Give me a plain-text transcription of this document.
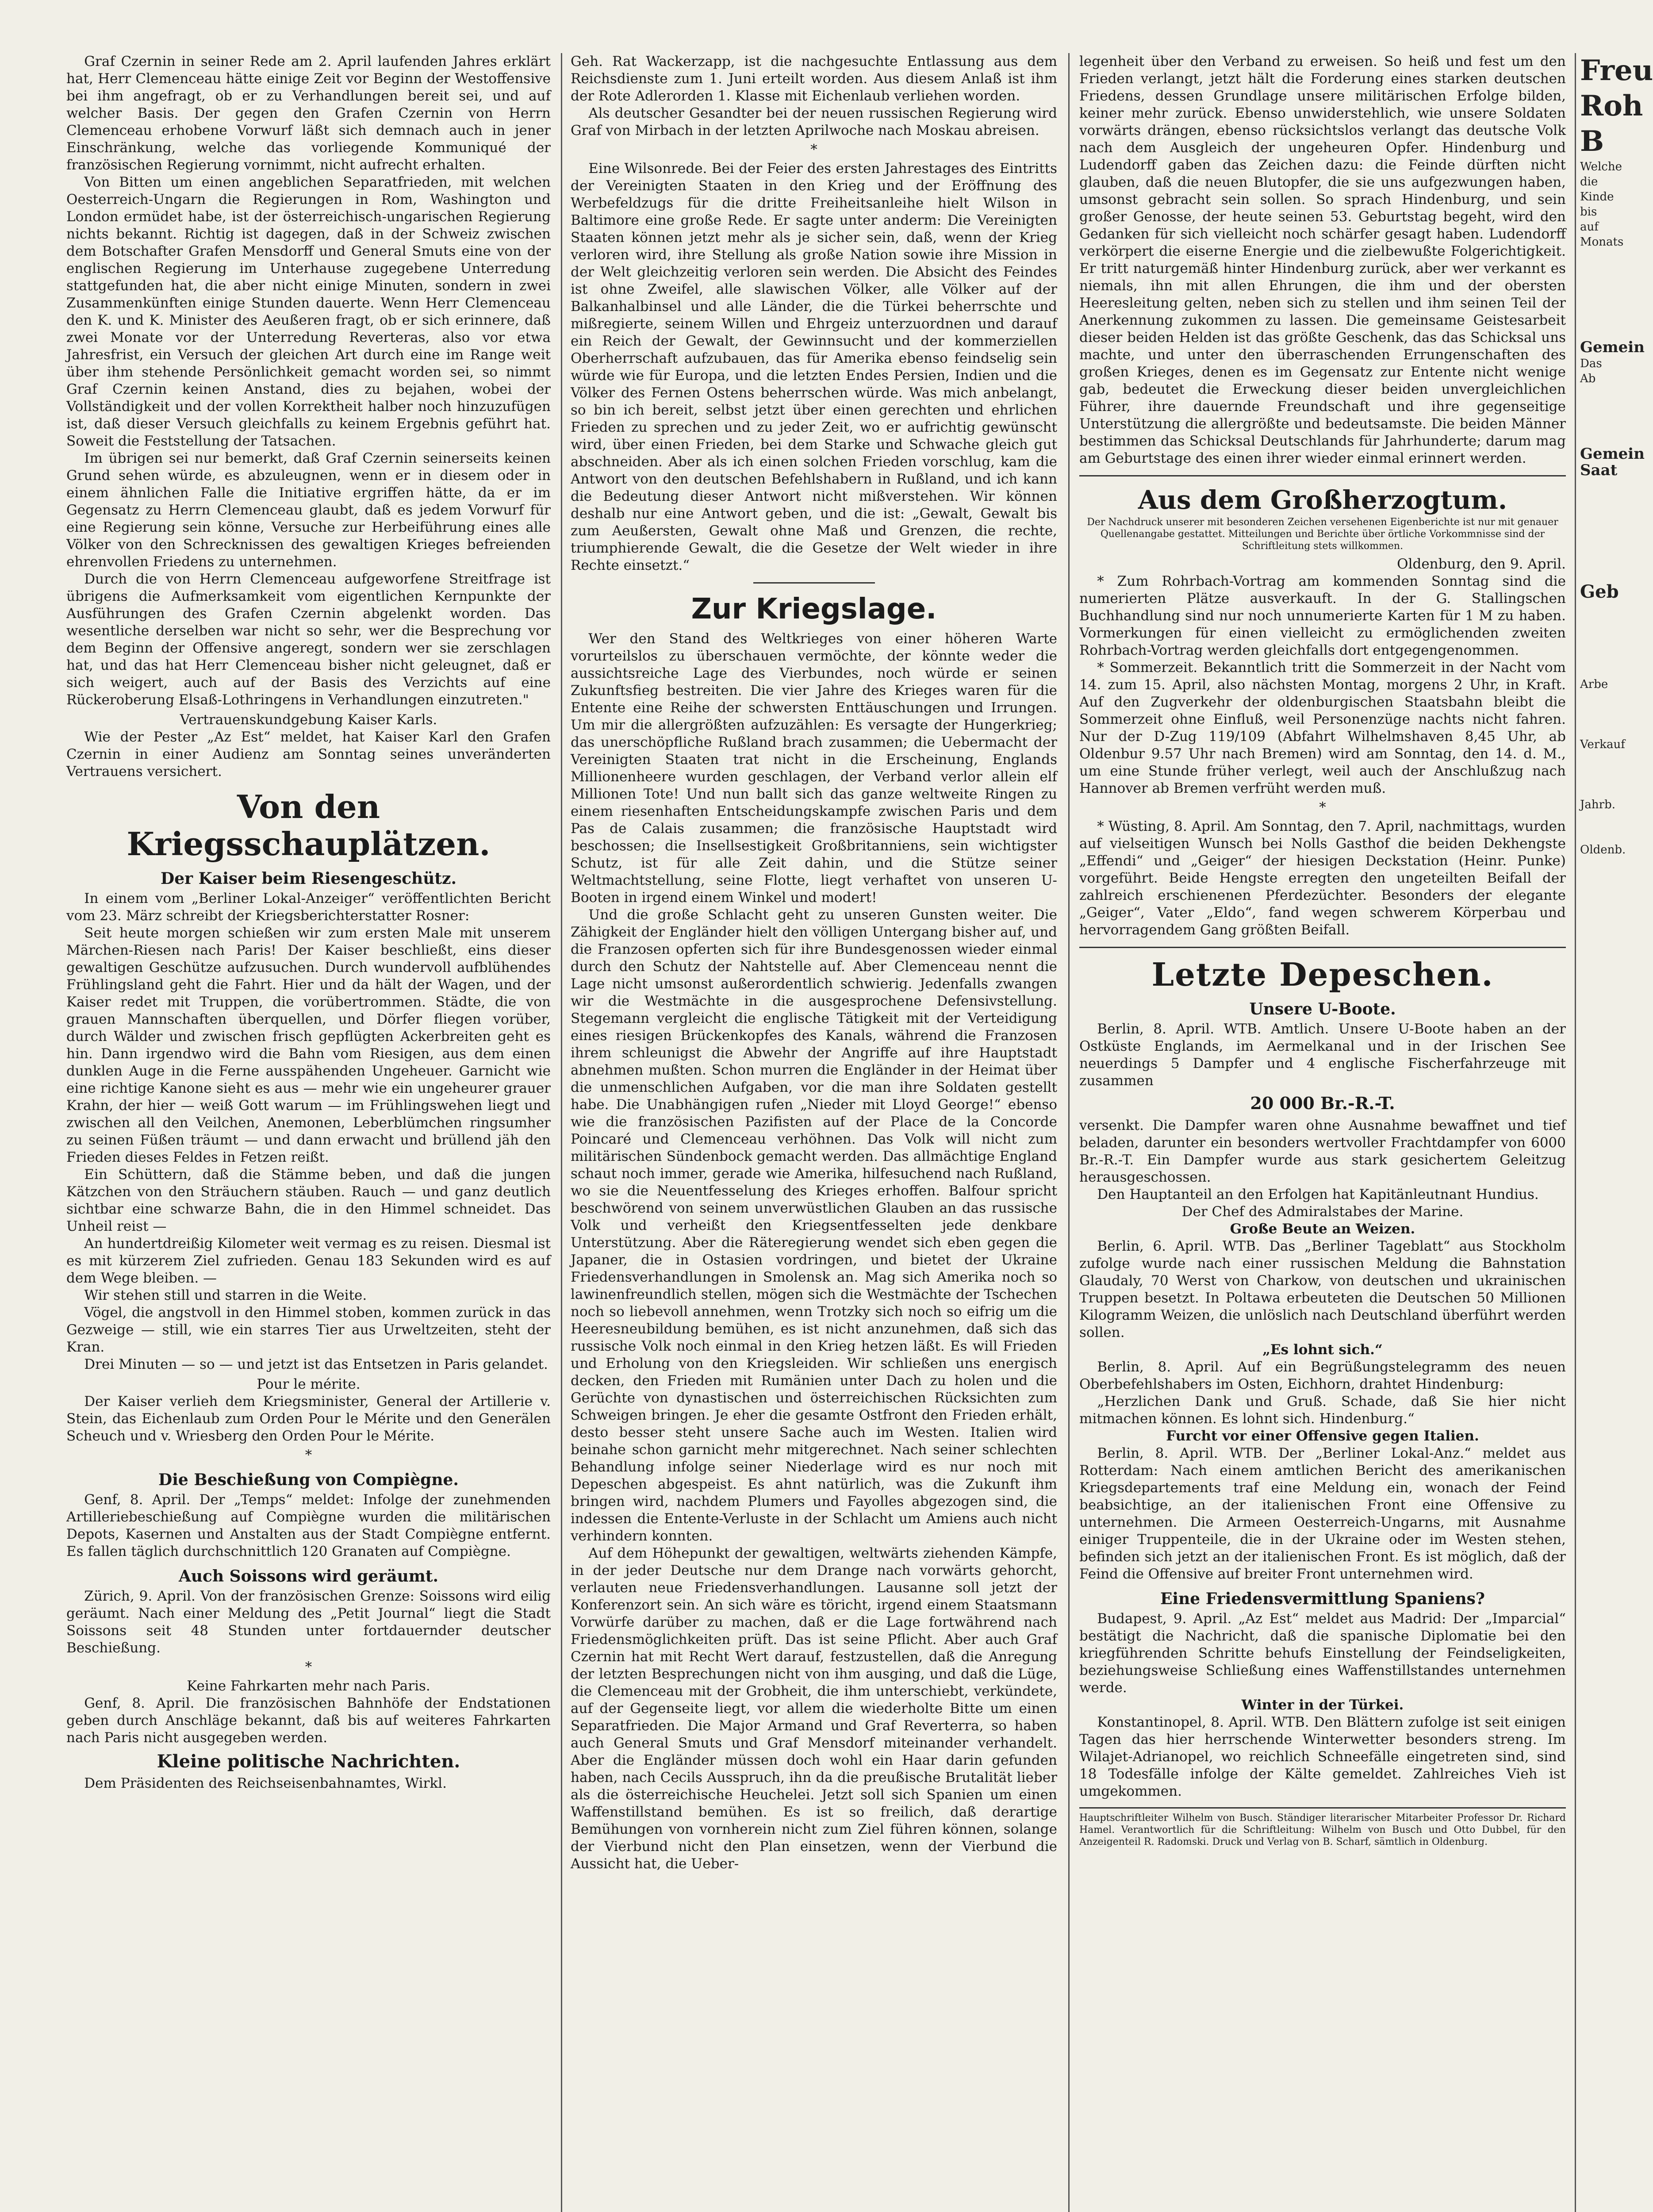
Graf Czernin in seiner Rede am 2. April laufenden Jahres erklärt hat, Herr Clemenceau hätte einige Zeit vor Beginn der Westoffensive bei ihm angefragt, ob er zu Verhandlungen bereit sei, und auf welcher Basis. Der gegen den Grafen Czernin von Herrn Clemenceau erhobene Vorwurf läßt sich demnach auch in jener Einschränkung, welche das vorliegende Kommuniqué der französischen Regierung vornimmt, nicht aufrecht erhalten.

Von Bitten um einen angeblichen Separatfrieden, mit welchen Oesterreich-Ungarn die Regierungen in Rom, Washington und London ermüdet habe, ist der österreichisch-ungarischen Regierung nichts bekannt. Richtig ist dagegen, daß in der Schweiz zwischen dem Botschafter Grafen Mensdorff und General Smuts eine von der englischen Regierung im Unterhause zugegebene Unterredung stattgefunden hat, die aber nicht einige Minuten, sondern in zwei Zusammenkünften einige Stunden dauerte. Wenn Herr Clemenceau den K. und K. Minister des Aeußeren fragt, ob er sich erinnere, daß zwei Monate vor der Unterredung Reverteras, also vor etwa Jahresfrist, ein Versuch der gleichen Art durch eine im Range weit über ihm stehende Persönlichkeit gemacht worden sei, so nimmt Graf Czernin keinen Anstand, dies zu bejahen, wobei der Vollständigkeit und der vollen Korrektheit halber noch hinzuzufügen ist, daß dieser Versuch gleichfalls zu keinem Ergebnis geführt hat. Soweit die Feststellung der Tatsachen.

Im übrigen sei nur bemerkt, daß Graf Czernin seinerseits keinen Grund sehen würde, es abzuleugnen, wenn er in diesem oder in einem ähnlichen Falle die Initiative ergriffen hätte, da er im Gegensatz zu Herrn Clemenceau glaubt, daß es jedem Vorwurf für eine Regierung sein könne, Versuche zur Herbeiführung eines alle Völker von den Schrecknissen des gewaltigen Krieges befreienden ehrenvollen Friedens zu unternehmen.

Durch die von Herrn Clemenceau aufgeworfene Streitfrage ist übrigens die Aufmerksamkeit vom eigentlichen Kernpunkte der Ausführungen des Grafen Czernin abgelenkt worden. Das wesentliche derselben war nicht so sehr, wer die Besprechung vor dem Beginn der Offensive angeregt, sondern wer sie zerschlagen hat, und das hat Herr Clemenceau bisher nicht geleugnet, daß er sich weigert, auch auf der Basis des Verzichts auf eine Rückeroberung Elsaß-Lothringens in Verhandlungen einzutreten."

Vertrauenskundgebung Kaiser Karls.

Wie der Pester „Az Est“ meldet, hat Kaiser Karl den Grafen Czernin in einer Audienz am Sonntag seines unveränderten Vertrauens versichert.

Von den Kriegsschauplätzen.
Der Kaiser beim Riesengeschütz.

In einem vom „Berliner Lokal-Anzeiger“ veröffentlichten Bericht vom 23. März schreibt der Kriegsberichterstatter Rosner:

Seit heute morgen schießen wir zum ersten Male mit unserem Märchen-Riesen nach Paris! Der Kaiser beschließt, eins dieser gewaltigen Geschütze aufzusuchen. Durch wundervoll aufblühendes Frühlingsland geht die Fahrt. Hier und da hält der Wagen, und der Kaiser redet mit Truppen, die vorübertrommen. Städte, die von grauen Mannschaften überquellen, und Dörfer fliegen vorüber, durch Wälder und zwischen frisch gepflügten Ackerbreiten geht es hin. Dann irgendwo wird die Bahn vom Riesigen, aus dem einen dunklen Auge in die Ferne ausspähenden Ungeheuer. Garnicht wie eine richtige Kanone sieht es aus — mehr wie ein ungeheurer grauer Krahn, der hier — weiß Gott warum — im Frühlingswehen liegt und zwischen all den Veilchen, Anemonen, Leberblümchen ringsumher zu seinen Füßen träumt — und dann erwacht und brüllend jäh den Frieden dieses Feldes in Fetzen reißt.

Ein Schüttern, daß die Stämme beben, und daß die jungen Kätzchen von den Sträuchern stäuben. Rauch — und ganz deutlich sichtbar eine schwarze Bahn, die in den Himmel schneidet. Das Unheil reist —

An hundertdreißig Kilometer weit vermag es zu reisen. Diesmal ist es mit kürzerem Ziel zufrieden. Genau 183 Sekunden wird es auf dem Wege bleiben. —

Wir stehen still und starren in die Weite.

Vögel, die angstvoll in den Himmel stoben, kommen zurück in das Gezweige — still, wie ein starres Tier aus Urweltzeiten, steht der Kran.

Drei Minuten — so — und jetzt ist das Entsetzen in Paris gelandet.

Pour le mérite.

Der Kaiser verlieh dem Kriegsminister, General der Artillerie v. Stein, das Eichenlaub zum Orden Pour le Mérite und den Generälen Scheuch und v. Wriesberg den Orden Pour le Mérite.

*

Die Beschießung von Compiègne.

Genf, 8. April. Der „Temps“ meldet: Infolge der zunehmenden Artilleriebeschießung auf Compiègne wurden die militärischen Depots, Kasernen und Anstalten aus der Stadt Compiègne entfernt. Es fallen täglich durchschnittlich 120 Granaten auf Compiègne.

Auch Soissons wird geräumt.

Zürich, 9. April. Von der französischen Grenze: Soissons wird eilig geräumt. Nach einer Meldung des „Petit Journal“ liegt die Stadt Soissons seit 48 Stunden unter fortdauernder deutscher Beschießung.

*

Keine Fahrkarten mehr nach Paris.

Genf, 8. April. Die französischen Bahnhöfe der Endstationen geben durch Anschläge bekannt, daß bis auf weiteres Fahrkarten nach Paris nicht ausgegeben werden.

Kleine politische Nachrichten.

Dem Präsidenten des Reichseisenbahnamtes, Wirkl.

Geh. Rat Wackerzapp, ist die nachgesuchte Entlassung aus dem Reichsdienste zum 1. Juni erteilt worden. Aus diesem Anlaß ist ihm der Rote Adlerorden 1. Klasse mit Eichenlaub verliehen worden.

Als deutscher Gesandter bei der neuen russischen Regierung wird Graf von Mirbach in der letzten Aprilwoche nach Moskau abreisen.

*

Eine Wilsonrede. Bei der Feier des ersten Jahrestages des Eintritts der Vereinigten Staaten in den Krieg und der Eröffnung des Werbefeldzugs für die dritte Freiheitsanleihe hielt Wilson in Baltimore eine große Rede. Er sagte unter anderm: Die Vereinigten Staaten können jetzt mehr als je sicher sein, daß, wenn der Krieg verloren wird, ihre Stellung als große Nation sowie ihre Mission in der Welt gleichzeitig verloren sein werden. Die Absicht des Feindes ist ohne Zweifel, alle slawischen Völker, alle Völker auf der Balkanhalbinsel und alle Länder, die die Türkei beherrschte und mißregierte, seinem Willen und Ehrgeiz unterzuordnen und darauf ein Reich der Gewalt, der Gewinnsucht und der kommerziellen Oberherrschaft aufzubauen, das für Amerika ebenso feindselig sein würde wie für Europa, und die letzten Endes Persien, Indien und die Völker des Fernen Ostens beherrschen würde. Was mich anbelangt, so bin ich bereit, selbst jetzt über einen gerechten und ehrlichen Frieden zu sprechen und zu jeder Zeit, wo er aufrichtig gewünscht wird, über einen Frieden, bei dem Starke und Schwache gleich gut abschneiden. Aber als ich einen solchen Frieden vorschlug, kam die Antwort von den deutschen Befehlshabern in Rußland, und ich kann die Bedeutung dieser Antwort nicht mißverstehen. Wir können deshalb nur eine Antwort geben, und die ist: „Gewalt, Gewalt bis zum Aeußersten, Gewalt ohne Maß und Grenzen, die rechte, triumphierende Gewalt, die die Gesetze der Welt wieder in ihre Rechte einsetzt.“

Zur Kriegslage.

Wer den Stand des Weltkrieges von einer höheren Warte vorurteilslos zu überschauen vermöchte, der könnte weder die aussichtsreiche Lage des Vierbundes, noch würde er seinen Zukunftsfieg bestreiten. Die vier Jahre des Krieges waren für die Entente eine Reihe der schwersten Enttäuschungen und Irrungen. Um mir die allergrößten aufzuzählen: Es versagte der Hungerkrieg; das unerschöpfliche Rußland brach zusammen; die Uebermacht der Vereinigten Staaten trat nicht in die Erscheinung, Englands Millionenheere wurden geschlagen, der Verband verlor allein elf Millionen Tote! Und nun ballt sich das ganze weltweite Ringen zu einem riesenhaften Entscheidungskampfe zwischen Paris und dem Pas de Calais zusammen; die französische Hauptstadt wird beschossen; die Insellsestigkeit Großbritanniens, sein wichtigster Schutz, ist für alle Zeit dahin, und die Stütze seiner Weltmachtstellung, seine Flotte, liegt verhaftet von unseren U-Booten in irgend einem Winkel und modert!

Und die große Schlacht geht zu unseren Gunsten weiter. Die Zähigkeit der Engländer hielt den völligen Untergang bisher auf, und die Franzosen opferten sich für ihre Bundesgenossen wieder einmal durch den Schutz der Nahtstelle auf. Aber Clemenceau nennt die Lage nicht umsonst außerordentlich schwierig. Jedenfalls zwangen wir die Westmächte in die ausgesprochene Defensivstellung. Stegemann vergleicht die englische Tätigkeit mit der Verteidigung eines riesigen Brückenkopfes des Kanals, während die Franzosen ihrem schleunigst die Abwehr der Angriffe auf ihre Hauptstadt abnehmen mußten. Schon murren die Engländer in der Heimat über die unmenschlichen Aufgaben, vor die man ihre Soldaten gestellt habe. Die Unabhängigen rufen „Nieder mit Lloyd George!“ ebenso wie die französischen Pazifisten auf der Place de la Concorde Poincaré und Clemenceau verhöhnen. Das Volk will nicht zum militärischen Sündenbock gemacht werden. Das allmächtige England schaut noch immer, gerade wie Amerika, hilfesuchend nach Rußland, wo sie die Neuentfesselung des Krieges erhoffen. Balfour spricht beschwörend von seinem unverwüstlichen Glauben an das russische Volk und verheißt den Kriegsentfesselten jede denkbare Unterstützung. Aber die Räteregierung wendet sich eben gegen die Japaner, die in Ostasien vordringen, und bietet der Ukraine Friedensverhandlungen in Smolensk an. Mag sich Amerika noch so lawinenfreundlich stellen, mögen sich die Westmächte der Tschechen noch so liebevoll annehmen, wenn Trotzky sich noch so eifrig um die Heeresneubildung bemühen, es ist nicht anzunehmen, daß sich das russische Volk noch einmal in den Krieg hetzen läßt. Es will Frieden und Erholung von den Kriegsleiden. Wir schließen uns energisch decken, den Frieden mit Rumänien unter Dach zu holen und die Gerüchte von dynastischen und österreichischen Rücksichten zum Schweigen bringen. Je eher die gesamte Ostfront den Frieden erhält, desto besser steht unsere Sache auch im Westen. Italien wird beinahe schon garnicht mehr mitgerechnet. Nach seiner schlechten Behandlung infolge seiner Niederlage wird es nur noch mit Depeschen abgespeist. Es ahnt natürlich, was die Zukunft ihm bringen wird, nachdem Plumers und Fayolles abgezogen sind, die indessen die Entente-Verluste in der Schlacht um Amiens auch nicht verhindern konnten.

Auf dem Höhepunkt der gewaltigen, weltwärts ziehenden Kämpfe, in der jeder Deutsche nur dem Drange nach vorwärts gehorcht, verlauten neue Friedensverhandlungen. Lausanne soll jetzt der Konferenzort sein. An sich wäre es töricht, irgend einem Staatsmann Vorwürfe darüber zu machen, daß er die Lage fortwährend nach Friedensmöglichkeiten prüft. Das ist seine Pflicht. Aber auch Graf Czernin hat mit Recht Wert darauf, festzustellen, daß die Anregung der letzten Besprechungen nicht von ihm ausging, und daß die Lüge, die Clemenceau mit der Grobheit, die ihm unterschiebt, verkündete, auf der Gegenseite liegt, vor allem die wiederholte Bitte um einen Separatfrieden. Die Major Armand und Graf Reverterra, so haben auch General Smuts und Graf Mensdorf miteinander verhandelt. Aber die Engländer müssen doch wohl ein Haar darin gefunden haben, nach Cecils Ausspruch, ihn da die preußische Brutalität lieber als die österreichische Heuchelei. Jetzt soll sich Spanien um einen Waffenstillstand bemühen. Es ist so freilich, daß derartige Bemühungen von vornherein nicht zum Ziel führen können, solange der Vierbund nicht den Plan einsetzen, wenn der Vierbund die Aussicht hat, die Ueber-

legenheit über den Verband zu erweisen. So heiß und fest um den Frieden verlangt, jetzt hält die Forderung eines starken deutschen Friedens, dessen Grundlage unsere militärischen Erfolge bilden, keiner mehr zurück. Ebenso unwiderstehlich, wie unsere Soldaten vorwärts drängen, ebenso rücksichtslos verlangt das deutsche Volk nach dem Ausgleich der ungeheuren Opfer. Hindenburg und Ludendorff gaben das Zeichen dazu: die Feinde dürften nicht glauben, daß die neuen Blutopfer, die sie uns aufgezwungen haben, umsonst gebracht sein sollen. So sprach Hindenburg, und sein großer Genosse, der heute seinen 53. Geburtstag begeht, wird den Gedanken für sich vielleicht noch schärfer gesagt haben. Ludendorff verkörpert die eiserne Energie und die zielbewußte Folgerichtigkeit. Er tritt naturgemäß hinter Hindenburg zurück, aber wer verkannt es niemals, ihn mit allen Ehrungen, die ihm und der obersten Heeresleitung gelten, neben sich zu stellen und ihm seinen Teil der Anerkennung zukommen zu lassen. Die gemeinsame Geistesarbeit dieser beiden Helden ist das größte Geschenk, das das Schicksal uns machte, und unter den überraschenden Errungenschaften des großen Krieges, denen es im Gegensatz zur Entente nicht wenige gab, bedeutet die Erweckung dieser beiden unvergleichlichen Führer, ihre dauernde Freundschaft und ihre gegenseitige Unterstützung die allergrößte und bedeutsamste. Die beiden Männer bestimmen das Schicksal Deutschlands für Jahrhunderte; darum mag am Geburtstage des einen ihrer wieder einmal erinnert werden.

Aus dem Großherzogtum.
Der Nachdruck unserer mit besonderen Zeichen versehenen Eigenberichte ist nur mit genauer Quellenangabe gestattet. Mitteilungen und Berichte über örtliche Vorkommnisse sind der Schriftleitung stets willkommen.

Oldenburg, den 9. April.

* Zum Rohrbach-Vortrag am kommenden Sonntag sind die numerierten Plätze ausverkauft. In der G. Stallingschen Buchhandlung sind nur noch unnumerierte Karten für 1 M zu haben. Vormerkungen für einen vielleicht zu ermöglichenden zweiten Rohrbach-Vortrag werden gleichfalls dort entgegengenommen.

* Sommerzeit. Bekanntlich tritt die Sommerzeit in der Nacht vom 14. zum 15. April, also nächsten Montag, morgens 2 Uhr, in Kraft. Auf den Zugverkehr der oldenburgischen Staatsbahn bleibt die Sommerzeit ohne Einfluß, weil Personenzüge nachts nicht fahren. Nur der D-Zug 119/109 (Abfahrt Wilhelmshaven 8,45 Uhr, ab Oldenbur 9.57 Uhr nach Bremen) wird am Sonntag, den 14. d. M., um eine Stunde früher verlegt, weil auch der Anschlußzug nach Hannover ab Bremen verfrüht werden muß.

*

* Wüsting, 8. April. Am Sonntag, den 7. April, nachmittags, wurden auf vielseitigen Wunsch bei Nolls Gasthof die beiden Dekhengste „Effendi“ und „Geiger“ der hiesigen Deckstation (Heinr. Punke) vorgeführt. Beide Hengste erregten den ungeteilten Beifall der zahlreich erschienenen Pferdezüchter. Besonders der elegante „Geiger“, Vater „Eldo“, fand wegen schwerem Körperbau und hervorragendem Gang größten Beifall.

Letzte Depeschen.
Unsere U-Boote.

Berlin, 8. April. WTB. Amtlich. Unsere U-Boote haben an der Ostküste Englands, im Aermelkanal und in der Irischen See neuerdings 5 Dampfer und 4 englische Fischerfahrzeuge mit zusammen

20 000 Br.-R.-T.

versenkt. Die Dampfer waren ohne Ausnahme bewaffnet und tief beladen, darunter ein besonders wertvoller Frachtdampfer von 6000 Br.-R.-T. Ein Dampfer wurde aus stark gesichertem Geleitzug herausgeschossen.

Den Hauptanteil an den Erfolgen hat Kapitänleutnant Hundius.

Der Chef des Admiralstabes der Marine.

Große Beute an Weizen.

Berlin, 6. April. WTB. Das „Berliner Tageblatt“ aus Stockholm zufolge wurde nach einer russischen Meldung die Bahnstation Glaudaly, 70 Werst von Charkow, von deutschen und ukrainischen Truppen besetzt. In Poltawa erbeuteten die Deutschen 50 Millionen Kilogramm Weizen, die unlöslich nach Deutschland überführt werden sollen.

„Es lohnt sich.“

Berlin, 8. April. Auf ein Begrüßungstelegramm des neuen Oberbefehlshabers im Osten, Eichhorn, drahtet Hindenburg:

„Herzlichen Dank und Gruß. Schade, daß Sie hier nicht mitmachen können. Es lohnt sich. Hindenburg.“

Furcht vor einer Offensive gegen Italien.

Berlin, 8. April. WTB. Der „Berliner Lokal-Anz.“ meldet aus Rotterdam: Nach einem amtlichen Bericht des amerikanischen Kriegsdepartements traf eine Meldung ein, wonach der Feind beabsichtige, an der italienischen Front eine Offensive zu unternehmen. Die Armeen Oesterreich-Ungarns, mit Ausnahme einiger Truppenteile, die in der Ukraine oder im Westen stehen, befinden sich jetzt an der italienischen Front. Es ist möglich, daß der Feind die Offensive auf breiter Front unternehmen wird.

Eine Friedensvermittlung Spaniens?

Budapest, 9. April. „Az Est“ meldet aus Madrid: Der „Imparcial“ bestätigt die Nachricht, daß die spanische Diplomatie bei den kriegführenden Schritte behufs Einstellung der Feindseligkeiten, beziehungsweise Schließung eines Waffenstillstandes unternehmen werde.

Winter in der Türkei.

Konstantinopel, 8. April. WTB. Den Blättern zufolge ist seit einigen Tagen das hier herrschende Winterwetter besonders streng. Im Wilajet-Adrianopel, wo reichlich Schneefälle eingetreten sind, sind 18 Todesfälle infolge der Kälte gemeldet. Zahlreiches Vieh ist umgekommen.

Hauptschriftleiter Wilhelm von Busch. Ständiger literarischer Mitarbeiter Professor Dr. Richard Hamel. Verantwortlich für die Schriftleitung: Wilhelm von Busch und Otto Dubbel, für den Anzeigenteil R. Radomski. Druck und Verlag von B. Scharf, sämtlich in Oldenburg.

Freu
Roh
B
Welche
die Kinde
bis auf
Monats

Gemein
Das Ab

Gemein
Saat

Geb

Arbe

Verkauf

Jahrb.

Oldenb.
